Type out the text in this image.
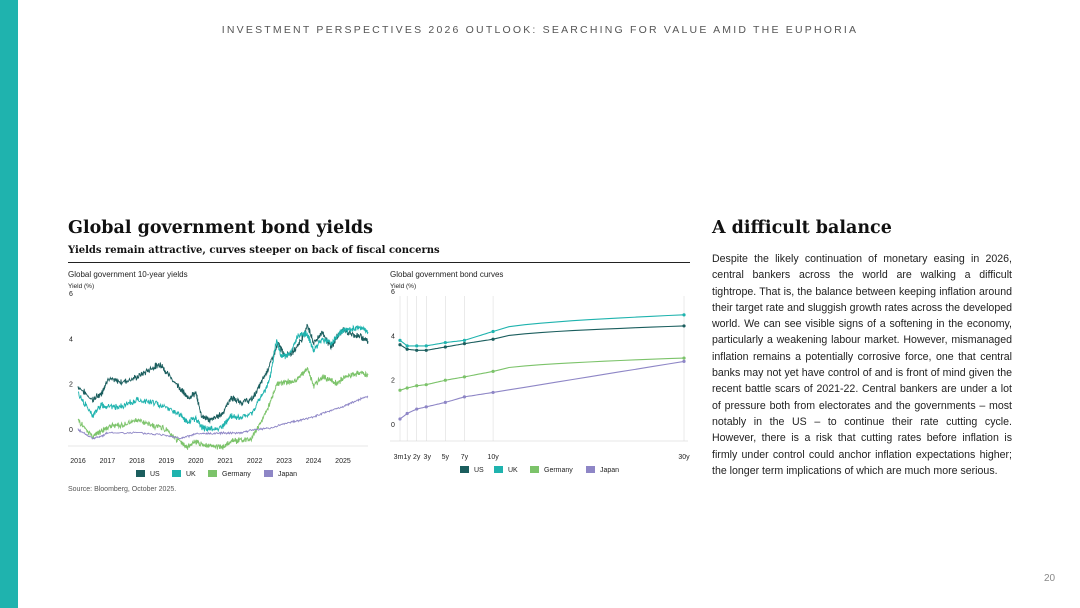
INVESTMENT PERSPECTIVES 2026 OUTLOOK: SEARCHING FOR VALUE AMID THE EUPHORIA
Global government bond yields
Yields remain attractive, curves steeper on back of fiscal concerns
Global government 10-year yields
Yield (%)
0
2
4
6
2016 2017 2018 2019 2020 2021 2022 2023 2024 2025
US	UK	Germany	Japan
Global government bond curves
Yield (%)
0
2
4
6
3m 1y 2y 3y 5y 7y	10y	30y
US	UK	Germany	Japan
Source: Bloomberg, October 2025.
A difficult balance
Despite the likely continuation of monetary easing in 2026, central bankers across the world are walking a difficult tightrope. That is, the balance between keeping inflation around their target rate and sluggish growth rates across the developed world. We can see visible signs of a softening in the economy, particularly a weakening labour market. However, mismanaged inflation remains a potentially corrosive force, one that central banks may not yet have control of and is front of mind given the recent battle scars of 2021-22. Central bankers are under a lot of pressure both from electorates and the governments – most notably in the US – to continue their rate cutting cycle. However, there is a risk that cutting rates before inflation is firmly under control could anchor inflation expectations higher; the longer term implications of which are much more serious.
20
